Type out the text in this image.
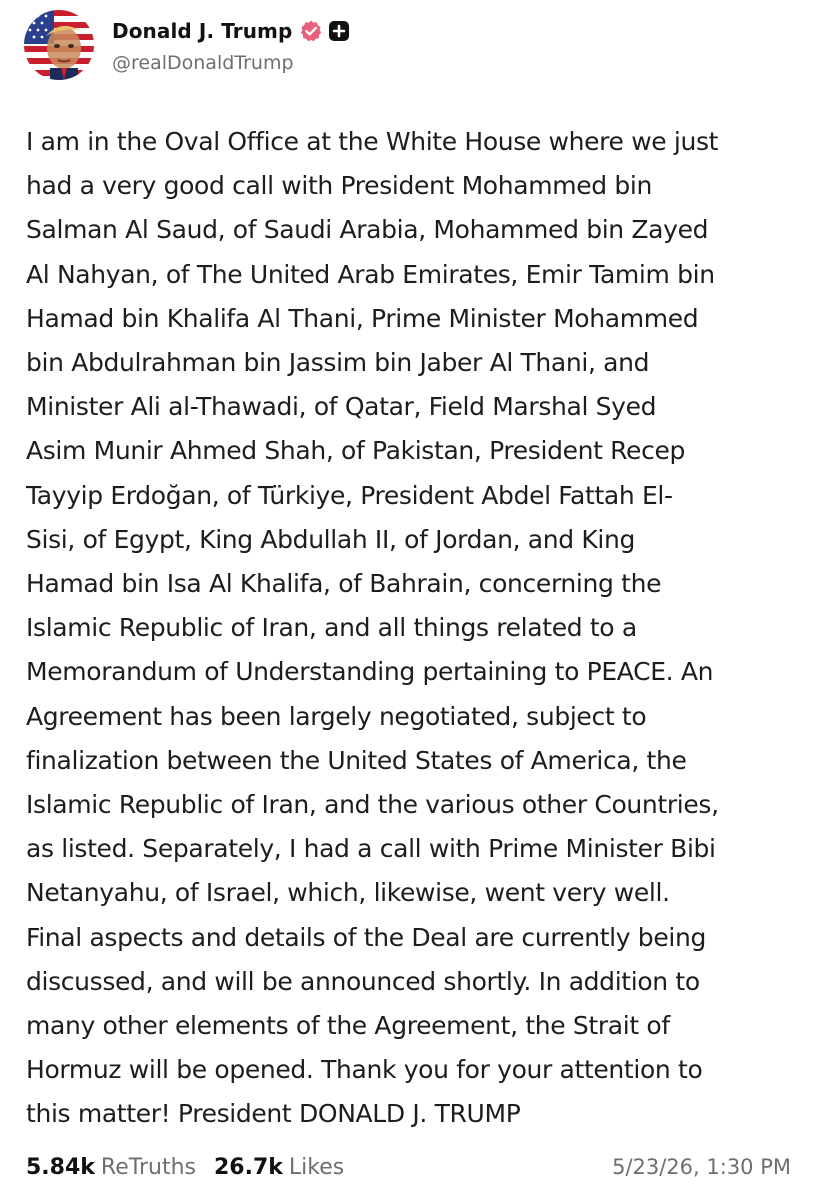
Donald J. Trump
@realDonaldTrump

I am in the Oval Office at the White House where we just
had a very good call with President Mohammed bin
Salman Al Saud, of Saudi Arabia, Mohammed bin Zayed
Al Nahyan, of The United Arab Emirates, Emir Tamim bin
Hamad bin Khalifa Al Thani, Prime Minister Mohammed
bin Abdulrahman bin Jassim bin Jaber Al Thani, and
Minister Ali al-Thawadi, of Qatar, Field Marshal Syed
Asim Munir Ahmed Shah, of Pakistan, President Recep
Tayyip Erdoğan, of Türkiye, President Abdel Fattah El-
Sisi, of Egypt, King Abdullah II, of Jordan, and King
Hamad bin Isa Al Khalifa, of Bahrain, concerning the
Islamic Republic of Iran, and all things related to a
Memorandum of Understanding pertaining to PEACE. An
Agreement has been largely negotiated, subject to
finalization between the United States of America, the
Islamic Republic of Iran, and the various other Countries,
as listed. Separately, I had a call with Prime Minister Bibi
Netanyahu, of Israel, which, likewise, went very well.
Final aspects and details of the Deal are currently being
discussed, and will be announced shortly. In addition to
many other elements of the Agreement, the Strait of
Hormuz will be opened. Thank you for your attention to
this matter! President DONALD J. TRUMP

5.84k ReTruths 26.7k Likes	5/23/26, 1:30 PM
